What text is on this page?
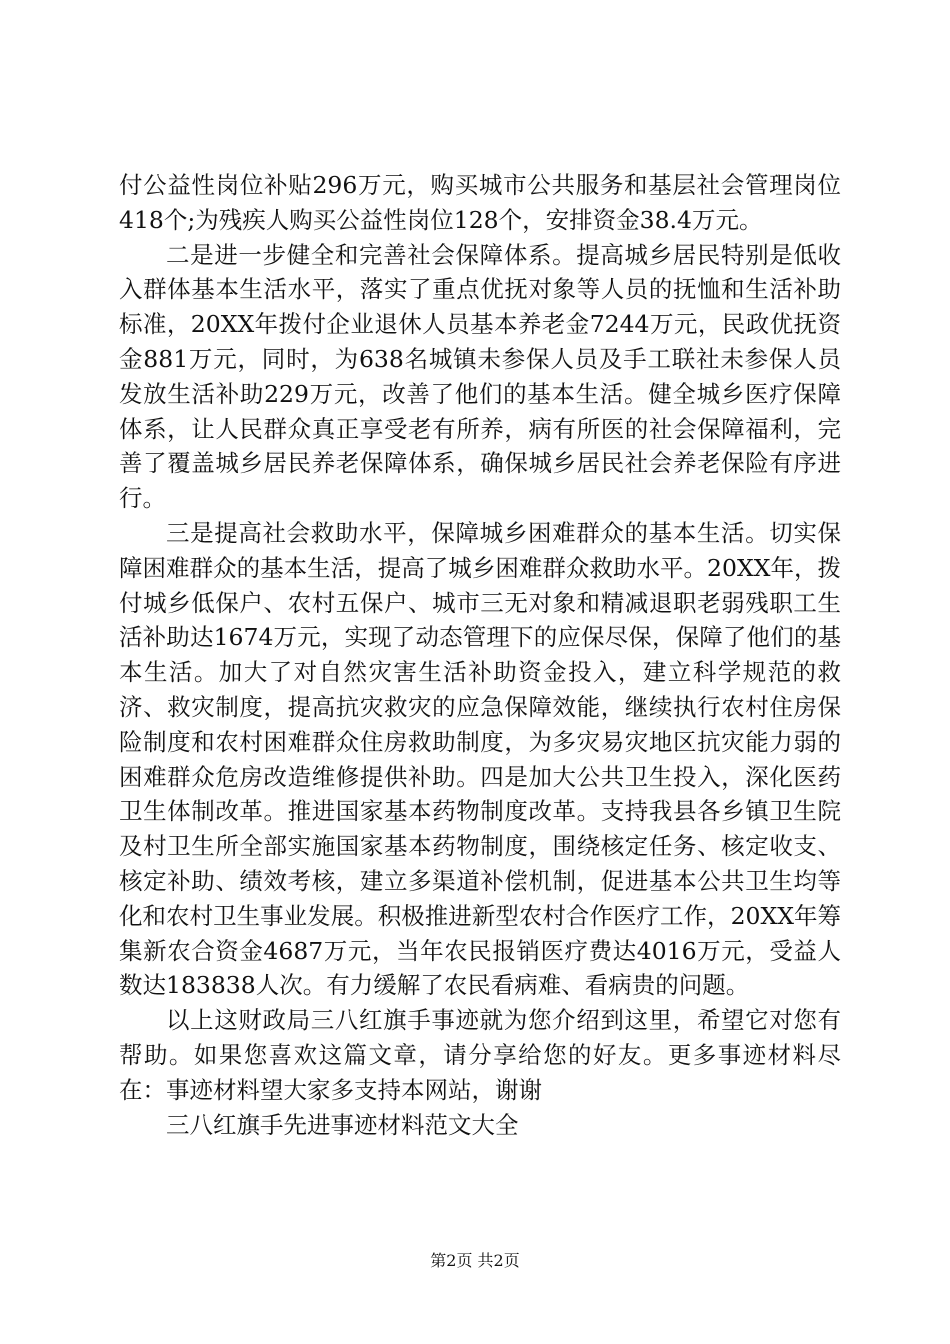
付公益性岗位补贴296万元，购买城市公共服务和基层社会管理岗位418个;为残疾人购买公益性岗位128个，安排资金38.4万元。

二是进一步健全和完善社会保障体系。提高城乡居民特别是低收入群体基本生活水平，落实了重点优抚对象等人员的抚恤和生活补助标准，20XX年拨付企业退休人员基本养老金7244万元，民政优抚资金881万元，同时，为638名城镇未参保人员及手工联社未参保人员发放生活补助229万元，改善了他们的基本生活。健全城乡医疗保障体系，让人民群众真正享受老有所养，病有所医的社会保障福利，完善了覆盖城乡居民养老保障体系，确保城乡居民社会养老保险有序进行。

三是提高社会救助水平，保障城乡困难群众的基本生活。切实保障困难群众的基本生活，提高了城乡困难群众救助水平。20XX年，拨付城乡低保户、农村五保户、城市三无对象和精减退职老弱残职工生活补助达1674万元，实现了动态管理下的应保尽保，保障了他们的基本生活。加大了对自然灾害生活补助资金投入，建立科学规范的救济、救灾制度，提高抗灾救灾的应急保障效能，继续执行农村住房保险制度和农村困难群众住房救助制度，为多灾易灾地区抗灾能力弱的困难群众危房改造维修提供补助。四是加大公共卫生投入，深化医药卫生体制改革。推进国家基本药物制度改革。支持我县各乡镇卫生院及村卫生所全部实施国家基本药物制度，围绕核定任务、核定收支、核定补助、绩效考核，建立多渠道补偿机制，促进基本公共卫生均等化和农村卫生事业发展。积极推进新型农村合作医疗工作，20XX年筹集新农合资金4687万元，当年农民报销医疗费达4016万元，受益人数达183838人次。有力缓解了农民看病难、看病贵的问题。

以上这财政局三八红旗手事迹就为您介绍到这里，希望它对您有帮助。如果您喜欢这篇文章，请分享给您的好友。更多事迹材料尽在：事迹材料望大家多支持本网站，谢谢

三八红旗手先进事迹材料范文大全

第2页 共2页
